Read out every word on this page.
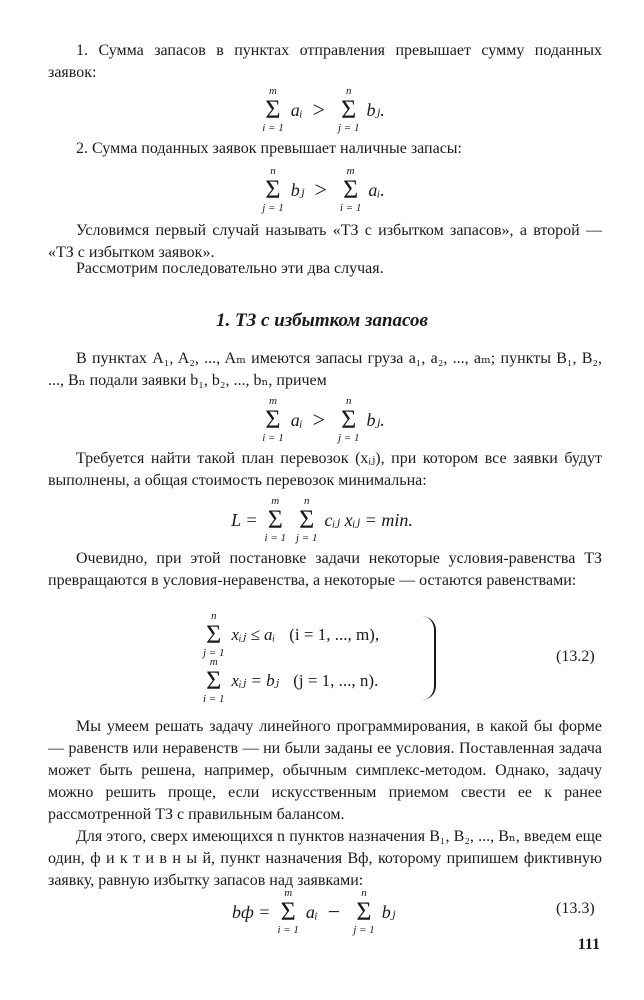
1. Сумма запасов в пунктах отправления превышает сумму поданных заявок:
m
Σ
i = 1
aᵢ >
n
Σ
j = 1
bⱼ.
2. Сумма поданных заявок превышает наличные запасы:
n
Σ
j = 1
bⱼ >
m
Σ
i = 1
aᵢ.
Условимся первый случай называть «ТЗ с избытком запасов», а второй — «ТЗ с избытком заявок».
Рассмотрим последовательно эти два случая.
1. ТЗ с избытком запасов
В пунктах A₁, A₂, ..., Aₘ имеются запасы груза a₁, a₂, ..., aₘ; пункты B₁, B₂, ..., Bₙ подали заявки b₁, b₂, ..., bₙ, причем
m
Σ
i = 1
aᵢ >
n
Σ
j = 1
bⱼ.
Требуется найти такой план перевозок (xᵢⱼ), при котором все заявки будут выполнены, а общая стоимость перевозок минимальна:
L =
m
Σ
i = 1
n
Σ
j = 1
cᵢⱼ xᵢⱼ = min.
Очевидно, при этой постановке задачи некоторые условия-равенства ТЗ превращаются в условия-неравенства, а некоторые — остаются равенствами:
n
Σ
j = 1
xᵢⱼ ≤ aᵢ (i = 1, ..., m),
m
Σ
i = 1
xᵢⱼ = bⱼ (j = 1, ..., n).
(13.2)
Мы умеем решать задачу линейного программирования, в какой бы форме — равенств или неравенств — ни были заданы ее условия. Поставленная задача может быть решена, например, обычным симплекс-методом. Однако, задачу можно решить проще, если искусственным приемом свести ее к ранее рассмотренной ТЗ с правильным балансом.
Для этого, сверх имеющихся n пунктов назначения B₁, B₂, ..., Bₙ, введем еще один, ф и к т и в н ы й, пункт назначения Bф, которому припишем фиктивную заявку, равную избытку запасов над заявками:
bф =
m
Σ
i = 1
aᵢ −
n
Σ
j = 1
bⱼ	(13.3)
111
